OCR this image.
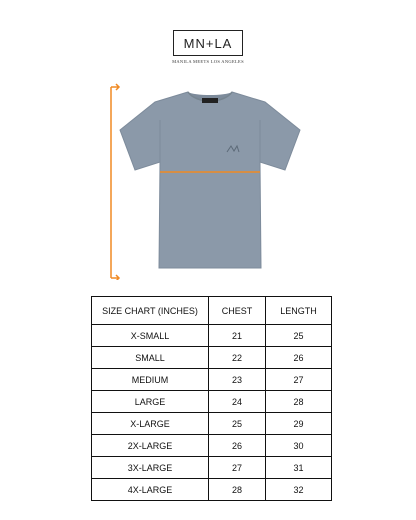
MN+LA
MANILA MEETS LOS ANGELES
SIZE CHART (INCHES)	CHEST	LENGTH
X-SMALL	21	25
SMALL	22	26
MEDIUM	23	27
LARGE	24	28
X-LARGE	25	29
2X-LARGE	26	30
3X-LARGE	27	31
4X-LARGE	28	32
